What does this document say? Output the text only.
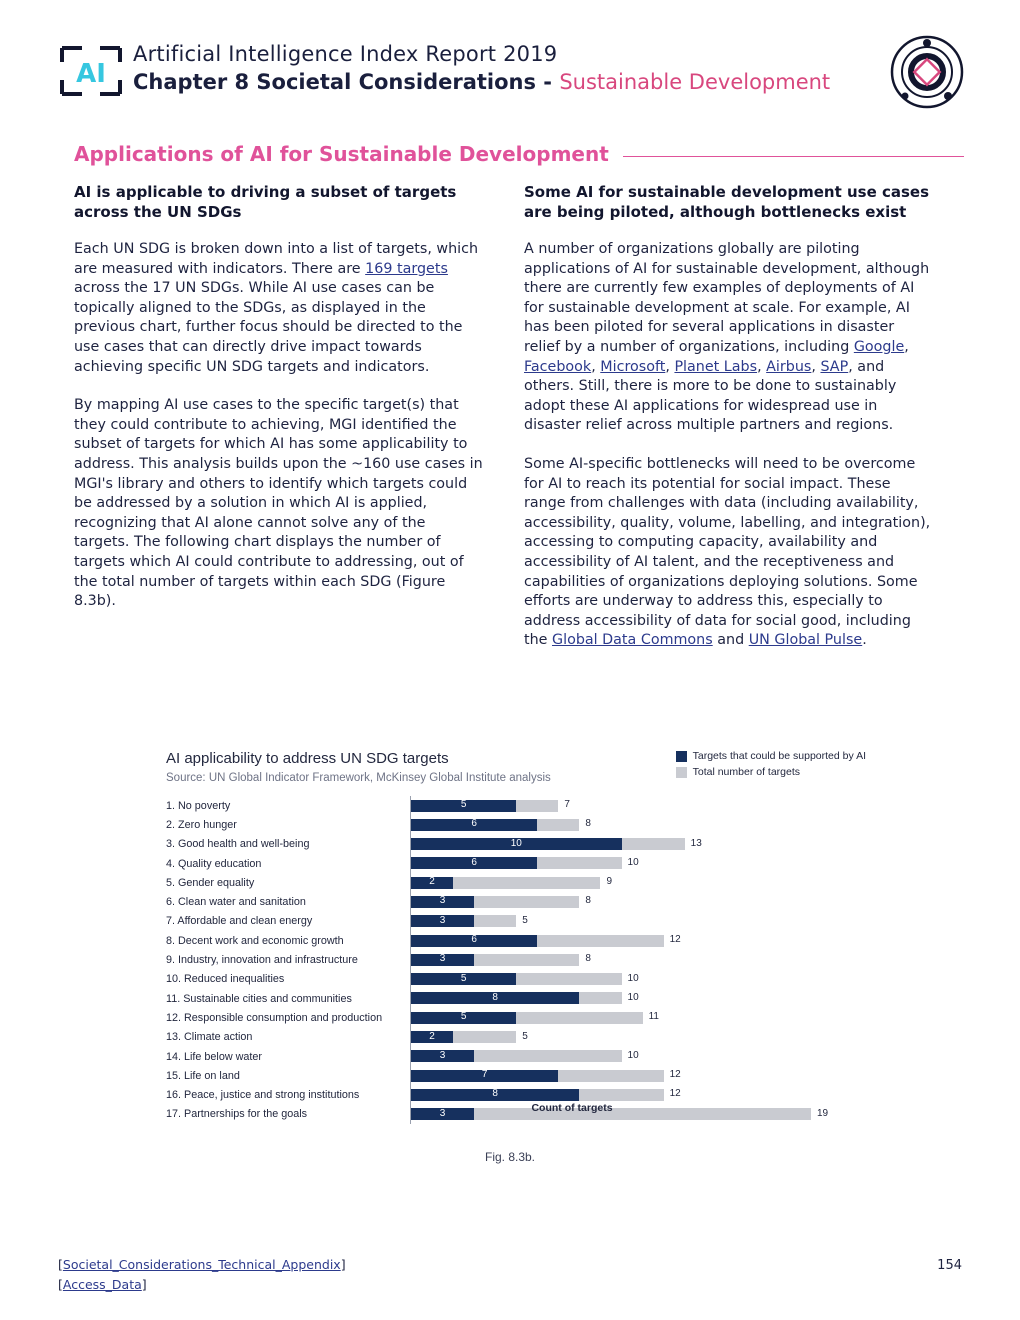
AI
Artificial Intelligence Index Report 2019
Chapter 8 Societal Considerations - Sustainable Development
Applications of AI for Sustainable Development
AI is applicable to driving a subset of targets across the UN SDGs

Each UN SDG is broken down into a list of targets, which are measured with indicators. There are 169 targets across the 17 UN SDGs. While AI use cases can be topically aligned to the SDGs, as displayed in the previous chart, further focus should be directed to the use cases that can directly drive impact towards achieving specific UN SDG targets and indicators.

By mapping AI use cases to the specific target(s) that they could contribute to achieving, MGI identified the subset of targets for which AI has some applicability to address. This analysis builds upon the ~160 use cases in MGI's library and others to identify which targets could be addressed by a solution in which AI is applied, recognizing that AI alone cannot solve any of the targets. The following chart displays the number of targets which AI could contribute to addressing, out of the total number of targets within each SDG (Figure 8.3b).

Some AI for sustainable development use cases are being piloted, although bottlenecks exist

A number of organizations globally are piloting applications of AI for sustainable development, although there are currently few examples of deployments of AI for sustainable development at scale. For example, AI has been piloted for several applications in disaster relief by a number of organizations, including Google, Facebook, Microsoft, Planet Labs, Airbus, SAP, and others. Still, there is more to be done to sustainably adopt these AI applications for widespread use in disaster relief across multiple partners and regions.

Some AI-specific bottlenecks will need to be overcome for AI to reach its potential for social impact. These range from challenges with data (including availability, accessibility, quality, volume, labelling, and integration), accessing to computing capacity, availability and accessibility of AI talent, and the receptiveness and capabilities of organizations deploying solutions. Some efforts are underway to address this, especially to address accessibility of data for social good, including the Global Data Commons and UN Global Pulse.

AI applicability to address UN SDG targets
Source: UN Global Indicator Framework, McKinsey Global Institute analysis
Targets that could be supported by AI
Total number of targets
1. No poverty	5	7
2. Zero hunger	6	8
3. Good health and well-being	10	13
4. Quality education	6	10
5. Gender equality	2	9
6. Clean water and sanitation	3	8
7. Affordable and clean energy	3	5
8. Decent work and economic growth	6	12
9. Industry, innovation and infrastructure	3	8
10. Reduced inequalities	5	10
11. Sustainable cities and communities	8	10
12. Responsible consumption and production	5	11
13. Climate action	2	5
14. Life below water	3	10
15. Life on land	7	12
16. Peace, justice and strong institutions	8	12
17. Partnerships for the goals	3	19
Count of targets
Fig. 8.3b.
[Societal_Considerations_Technical_Appendix]
[Access_Data]
154
